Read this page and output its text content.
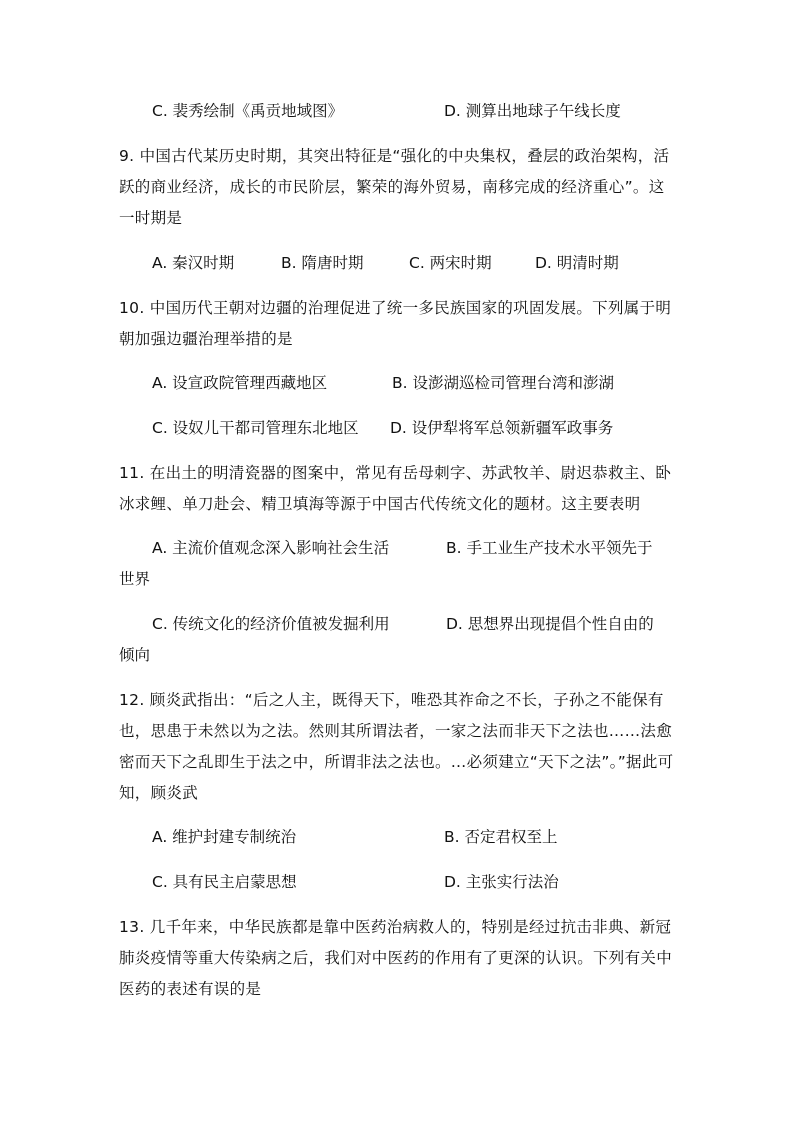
C. 裴秀绘制《禹贡地域图》	D. 测算出地球子午线长度

9. 中国古代某历史时期，其突出特征是“强化的中央集权，叠层的政治架构，活跃的商业经济，成长的市民阶层，繁荣的海外贸易，南移完成的经济重心”。这一时期是

A. 秦汉时期	B. 隋唐时期	C. 两宋时期	D. 明清时期

10. 中国历代王朝对边疆的治理促进了统一多民族国家的巩固发展。下列属于明朝加强边疆治理举措的是

A. 设宣政院管理西藏地区	B. 设澎湖巡检司管理台湾和澎湖

C. 设奴儿干都司管理东北地区 D. 设伊犁将军总领新疆军政事务

11. 在出土的明清瓷器的图案中，常见有岳母刺字、苏武牧羊、尉迟恭救主、卧冰求鲤、单刀赴会、精卫填海等源于中国古代传统文化的题材。这主要表明

A. 主流价值观念深入影响社会生活	B. 手工业生产技术水平领先于

世界

C. 传统文化的经济价值被发掘利用	D. 思想界出现提倡个性自由的

倾向

12. 顾炎武指出：“后之人主，既得天下，唯恐其祚命之不长，子孙之不能保有也，思患于未然以为之法。然则其所谓法者，一家之法而非天下之法也……法愈密而天下之乱即生于法之中，所谓非法之法也。…必须建立“天下之法”。”据此可知，顾炎武

A. 维护封建专制统治	B. 否定君权至上

C. 具有民主启蒙思想	D. 主张实行法治

13. 几千年来，中华民族都是靠中医药治病救人的，特别是经过抗击非典、新冠肺炎疫情等重大传染病之后，我们对中医药的作用有了更深的认识。下列有关中医药的表述有误的是
